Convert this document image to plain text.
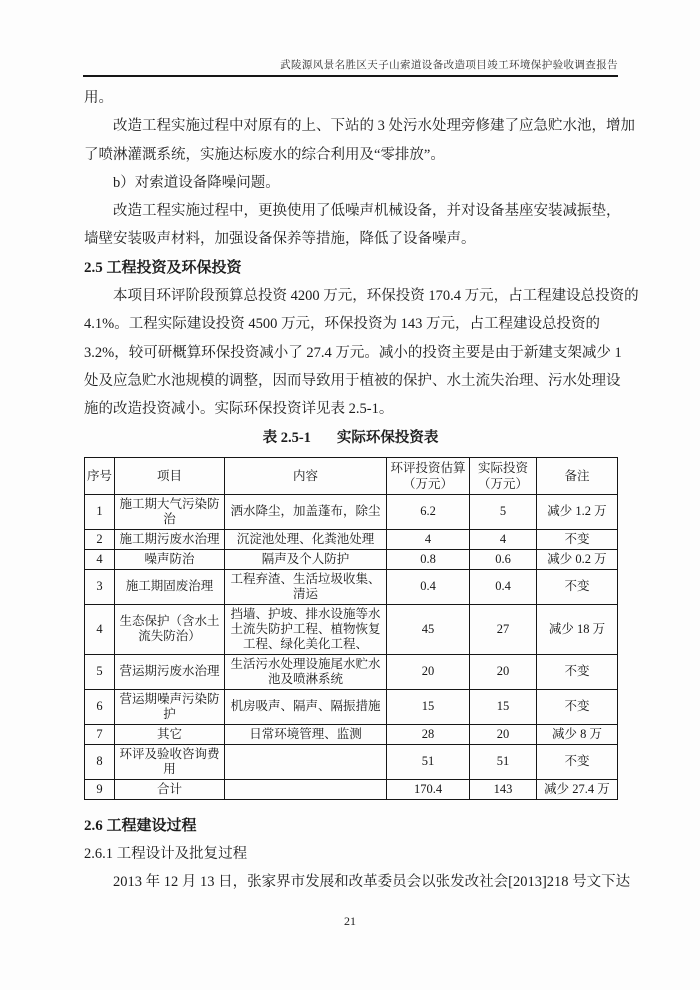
武陵源风景名胜区天子山索道设备改造项目竣工环境保护验收调查报告

用。

改造工程实施过程中对原有的上、下站的 3 处污水处理旁修建了应急贮水池，增加

了喷淋灌溉系统，实施达标废水的综合利用及“零排放”。

b）对索道设备降噪问题。

改造工程实施过程中，更换使用了低噪声机械设备，并对设备基座安装减振垫，

墙壁安装吸声材料，加强设备保养等措施，降低了设备噪声。

2.5 工程投资及环保投资

本项目环评阶段预算总投资 4200 万元，环保投资 170.4 万元，占工程建设总投资的

4.1%。工程实际建设投资 4500 万元，环保投资为 143 万元，占工程建设总投资的

3.2%，较可研概算环保投资减小了 27.4 万元。减小的投资主要是由于新建支架减少 1

处及应急贮水池规模的调整，因而导致用于植被的保护、水土流失治理、污水处理设

施的改造投资减小。实际环保投资详见表 2.5-1。

表 2.5-1 实际环保投资表

序号	项目	内容	环评投资估算（万元）	实际投资（万元）	备注
1	施工期大气污染防治	洒水降尘，加盖蓬布，除尘	6.2	5	减少 1.2 万
2	施工期污废水治理	沉淀池处理、化粪池处理	4	4	不变
4	噪声防治	隔声及个人防护	0.8	0.6	减少 0.2 万
3	施工期固废治理	工程弃渣、生活垃圾收集、清运	0.4	0.4	不变
4	生态保护（含水土流失防治）	挡墙、护坡、排水设施等水土流失防护工程、植物恢复工程、绿化美化工程、	45	27	减少 18 万
5	营运期污废水治理	生活污水处理设施尾水贮水池及喷淋系统	20	20	不变
6	营运期噪声污染防护	机房吸声、隔声、隔振措施	15	15	不变
7	其它	日常环境管理、监测	28	20	减少 8 万
8	环评及验收咨询费用		51	51	不变
9	合计		170.4	143	减少 27.4 万

2.6 工程建设过程

2.6.1 工程设计及批复过程

2013 年 12 月 13 日，张家界市发展和改革委员会以张发改社会[2013]218 号文下达

21
